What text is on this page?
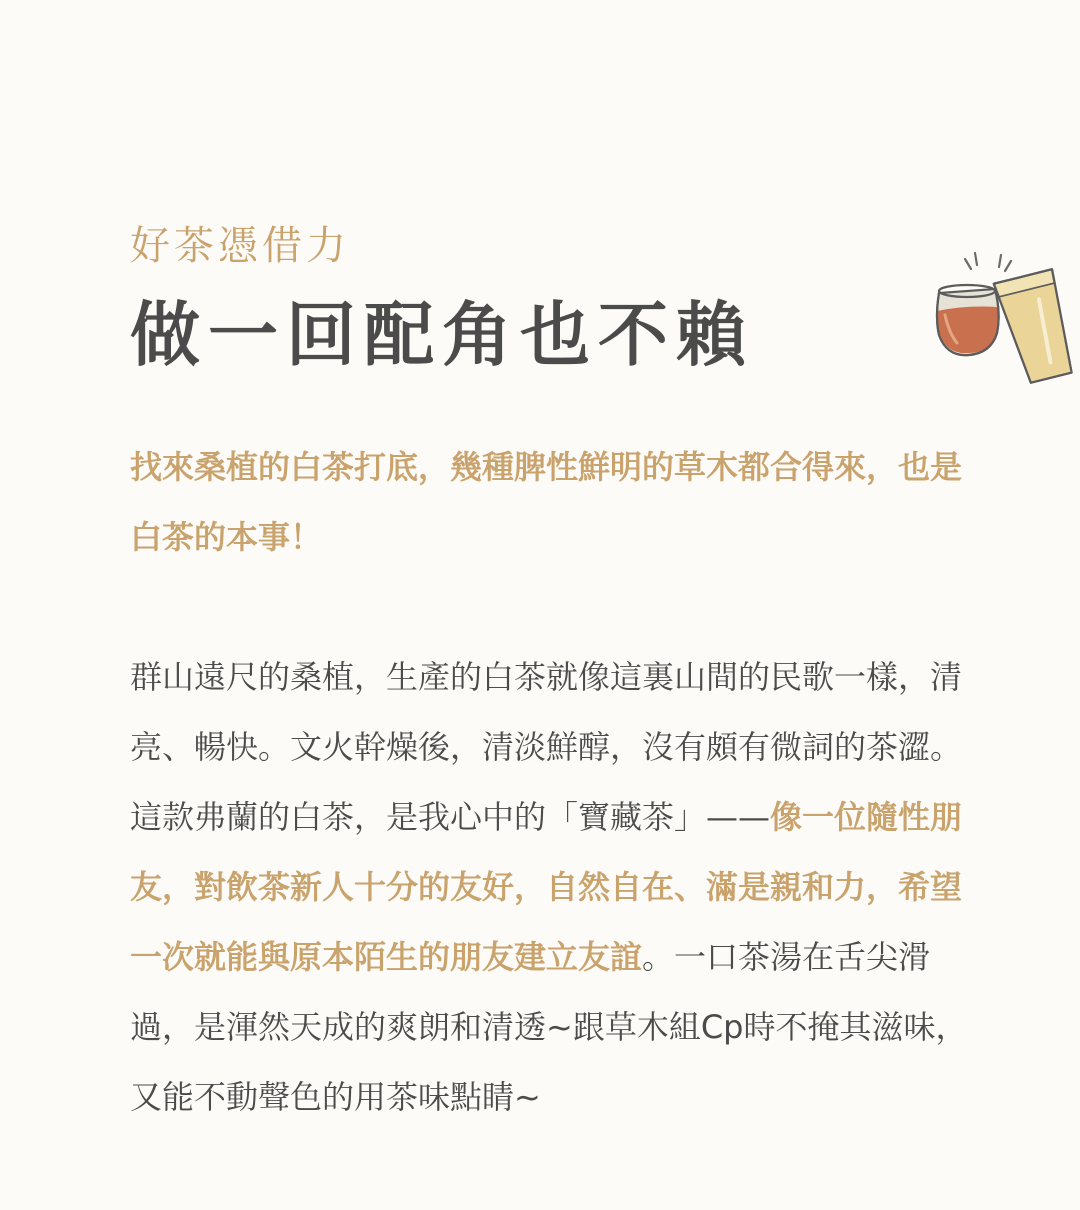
好茶憑借力
做一回配角也不賴

找來桑植的白茶打底，幾種脾性鮮明的草木都合得來，也是白茶的本事！

群山遠尺的桑植，生產的白茶就像這裏山間的民歌一樣，清亮、暢快。文火幹燥後，清淡鮮醇，沒有頗有微詞的茶澀。這款弗蘭的白茶，是我心中的「寶藏茶」——像一位隨性朋友，對飲茶新人十分的友好，自然自在、滿是親和力，希望一次就能與原本陌生的朋友建立友誼。一口茶湯在舌尖滑過，是渾然天成的爽朗和清透~跟草木組Cp時不掩其滋味，又能不動聲色的用茶味點睛~
